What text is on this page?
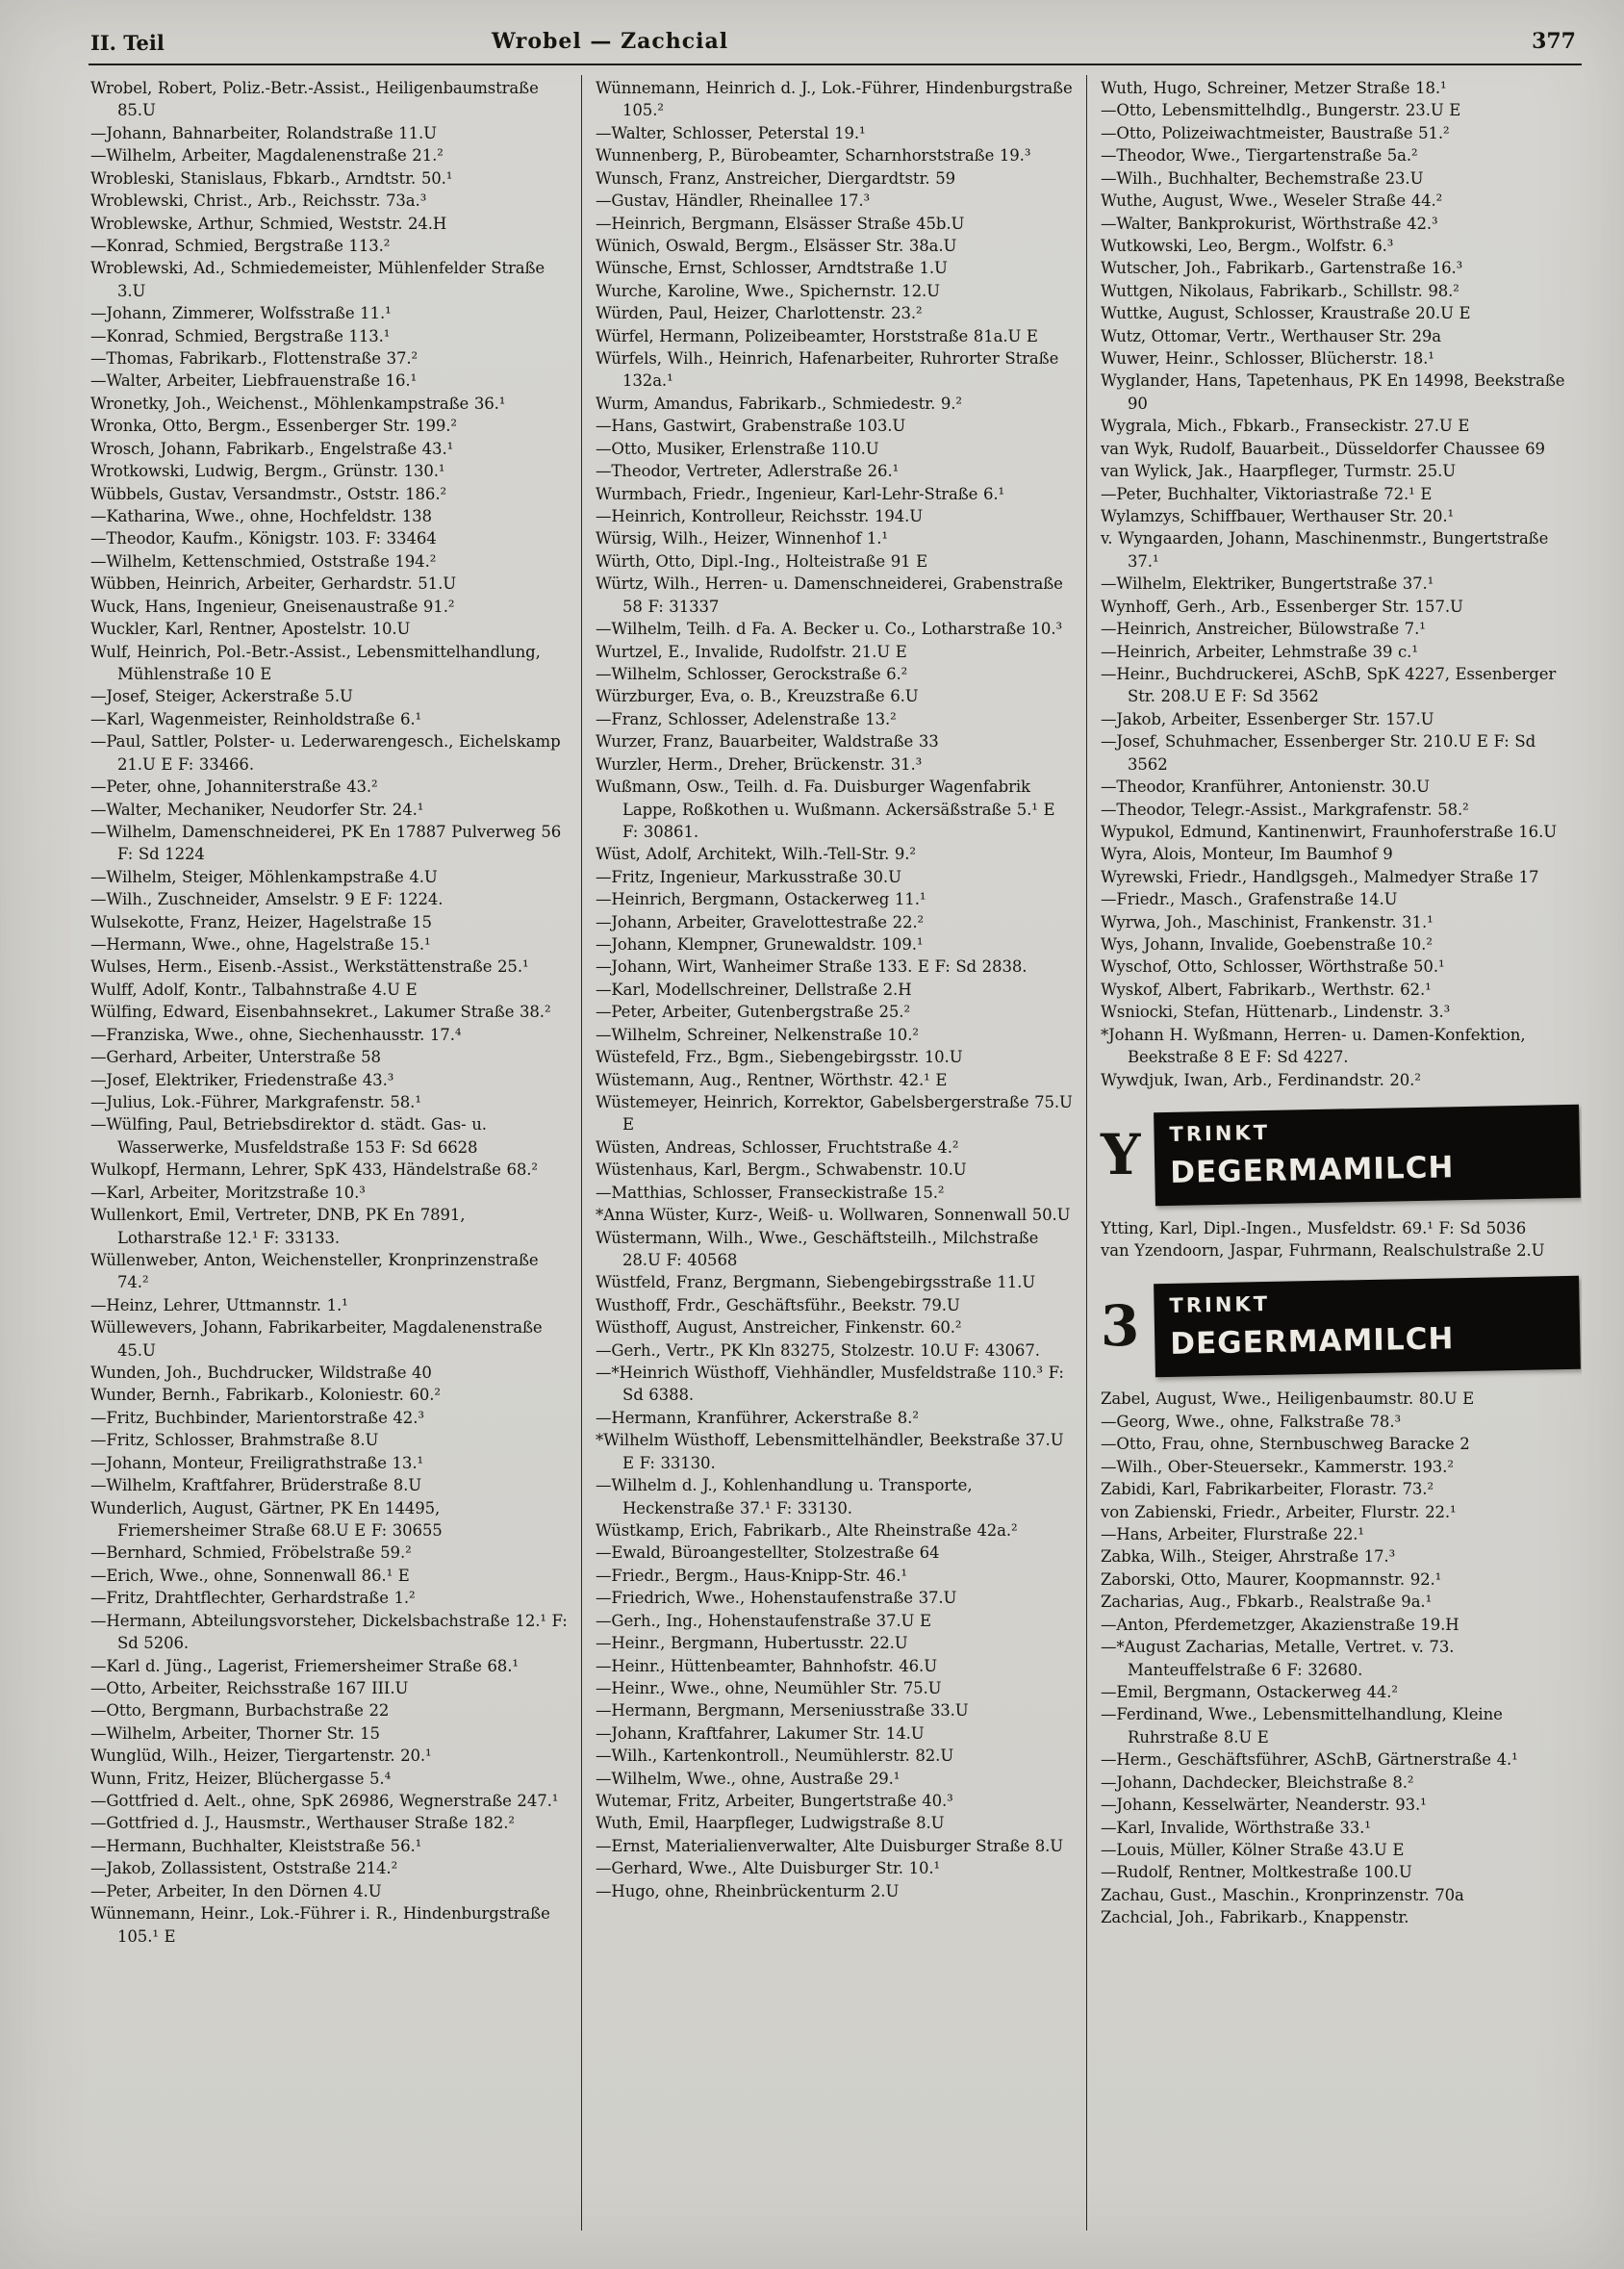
II. Teil	Wrobel — Zachcial	377

Wrobel, Robert, Poliz.-Betr.-Assist., Heiligenbaumstraße 85.U

—Johann, Bahnarbeiter, Rolandstraße 11.U

—Wilhelm, Arbeiter, Magdalenenstraße 21.²

Wrobleski, Stanislaus, Fbkarb., Arndtstr. 50.¹

Wroblewski, Christ., Arb., Reichsstr. 73a.³

Wroblewske, Arthur, Schmied, Weststr. 24.H

—Konrad, Schmied, Bergstraße 113.²

Wroblewski, Ad., Schmiedemeister, Mühlenfelder Straße 3.U

—Johann, Zimmerer, Wolfsstraße 11.¹

—Konrad, Schmied, Bergstraße 113.¹

—Thomas, Fabrikarb., Flottenstraße 37.²

—Walter, Arbeiter, Liebfrauenstraße 16.¹

Wronetky, Joh., Weichenst., Möhlenkampstraße 36.¹

Wronka, Otto, Bergm., Essenberger Str. 199.²

Wrosch, Johann, Fabrikarb., Engelstraße 43.¹

Wrotkowski, Ludwig, Bergm., Grünstr. 130.¹

Wübbels, Gustav, Versandmstr., Oststr. 186.²

—Katharina, Wwe., ohne, Hochfeldstr. 138

—Theodor, Kaufm., Königstr. 103. F: 33464

—Wilhelm, Kettenschmied, Oststraße 194.²

Wübben, Heinrich, Arbeiter, Gerhardstr. 51.U

Wuck, Hans, Ingenieur, Gneisenaustraße 91.²

Wuckler, Karl, Rentner, Apostelstr. 10.U

Wulf, Heinrich, Pol.-Betr.-Assist., Lebensmittelhandlung, Mühlenstraße 10 E

—Josef, Steiger, Ackerstraße 5.U

—Karl, Wagenmeister, Reinholdstraße 6.¹

—Paul, Sattler, Polster- u. Lederwarengesch., Eichelskamp 21.U E F: 33466.

—Peter, ohne, Johanniterstraße 43.²

—Walter, Mechaniker, Neudorfer Str. 24.¹

—Wilhelm, Damenschneiderei, PK En 17887 Pulverweg 56 F: Sd 1224

—Wilhelm, Steiger, Möhlenkampstraße 4.U

—Wilh., Zuschneider, Amselstr. 9 E F: 1224.

Wulsekotte, Franz, Heizer, Hagelstraße 15

—Hermann, Wwe., ohne, Hagelstraße 15.¹

Wulses, Herm., Eisenb.-Assist., Werkstättenstraße 25.¹

Wulff, Adolf, Kontr., Talbahnstraße 4.U E

Wülfing, Edward, Eisenbahnsekret., Lakumer Straße 38.²

—Franziska, Wwe., ohne, Siechenhausstr. 17.⁴

—Gerhard, Arbeiter, Unterstraße 58

—Josef, Elektriker, Friedenstraße 43.³

—Julius, Lok.-Führer, Markgrafenstr. 58.¹

—Wülfing, Paul, Betriebsdirektor d. städt. Gas- u. Wasserwerke, Musfeldstraße 153 F: Sd 6628

Wulkopf, Hermann, Lehrer, SpK 433, Händelstraße 68.²

—Karl, Arbeiter, Moritzstraße 10.³

Wullenkort, Emil, Vertreter, DNB, PK En 7891, Lotharstraße 12.¹ F: 33133.

Wüllenweber, Anton, Weichensteller, Kronprinzenstraße 74.²

—Heinz, Lehrer, Uttmannstr. 1.¹

Wüllewevers, Johann, Fabrikarbeiter, Magdalenenstraße 45.U

Wunden, Joh., Buchdrucker, Wildstraße 40

Wunder, Bernh., Fabrikarb., Koloniestr. 60.²

—Fritz, Buchbinder, Marientorstraße 42.³

—Fritz, Schlosser, Brahmstraße 8.U

—Johann, Monteur, Freiligrathstraße 13.¹

—Wilhelm, Kraftfahrer, Brüderstraße 8.U

Wunderlich, August, Gärtner, PK En 14495, Friemersheimer Straße 68.U E F: 30655

—Bernhard, Schmied, Fröbelstraße 59.²

—Erich, Wwe., ohne, Sonnenwall 86.¹ E

—Fritz, Drahtflechter, Gerhardstraße 1.²

—Hermann, Abteilungsvorsteher, Dickelsbachstraße 12.¹ F: Sd 5206.

—Karl d. Jüng., Lagerist, Friemersheimer Straße 68.¹

—Otto, Arbeiter, Reichsstraße 167 III.U

—Otto, Bergmann, Burbachstraße 22

—Wilhelm, Arbeiter, Thorner Str. 15

Wunglüd, Wilh., Heizer, Tiergartenstr. 20.¹

Wunn, Fritz, Heizer, Blüchergasse 5.⁴

—Gottfried d. Aelt., ohne, SpK 26986, Wegnerstraße 247.¹

—Gottfried d. J., Hausmstr., Werthauser Straße 182.²

—Hermann, Buchhalter, Kleiststraße 56.¹

—Jakob, Zollassistent, Oststraße 214.²

—Peter, Arbeiter, In den Dörnen 4.U

Wünnemann, Heinr., Lok.-Führer i. R., Hindenburgstraße 105.¹ E

Wünnemann, Heinrich d. J., Lok.-Führer, Hindenburgstraße 105.²

—Walter, Schlosser, Peterstal 19.¹

Wunnenberg, P., Bürobeamter, Scharnhorststraße 19.³

Wunsch, Franz, Anstreicher, Diergardtstr. 59

—Gustav, Händler, Rheinallee 17.³

—Heinrich, Bergmann, Elsässer Straße 45b.U

Wünich, Oswald, Bergm., Elsässer Str. 38a.U

Wünsche, Ernst, Schlosser, Arndtstraße 1.U

Wurche, Karoline, Wwe., Spichernstr. 12.U

Würden, Paul, Heizer, Charlottenstr. 23.²

Würfel, Hermann, Polizeibeamter, Horststraße 81a.U E

Würfels, Wilh., Heinrich, Hafenarbeiter, Ruhrorter Straße 132a.¹

Wurm, Amandus, Fabrikarb., Schmiedestr. 9.²

—Hans, Gastwirt, Grabenstraße 103.U

—Otto, Musiker, Erlenstraße 110.U

—Theodor, Vertreter, Adlerstraße 26.¹

Wurmbach, Friedr., Ingenieur, Karl-Lehr-Straße 6.¹

—Heinrich, Kontrolleur, Reichsstr. 194.U

Würsig, Wilh., Heizer, Winnenhof 1.¹

Würth, Otto, Dipl.-Ing., Holteistraße 91 E

Würtz, Wilh., Herren- u. Damenschneiderei, Grabenstraße 58 F: 31337

—Wilhelm, Teilh. d Fa. A. Becker u. Co., Lotharstraße 10.³

Wurtzel, E., Invalide, Rudolfstr. 21.U E

—Wilhelm, Schlosser, Gerockstraße 6.²

Würzburger, Eva, o. B., Kreuzstraße 6.U

—Franz, Schlosser, Adelenstraße 13.²

Wurzer, Franz, Bauarbeiter, Waldstraße 33

Wurzler, Herm., Dreher, Brückenstr. 31.³

Wußmann, Osw., Teilh. d. Fa. Duisburger Wagenfabrik Lappe, Roßkothen u. Wußmann. Ackersäßstraße 5.¹ E F: 30861.

Wüst, Adolf, Architekt, Wilh.-Tell-Str. 9.²

—Fritz, Ingenieur, Markusstraße 30.U

—Heinrich, Bergmann, Ostackerweg 11.¹

—Johann, Arbeiter, Gravelottestraße 22.²

—Johann, Klempner, Grunewaldstr. 109.¹

—Johann, Wirt, Wanheimer Straße 133. E F: Sd 2838.

—Karl, Modellschreiner, Dellstraße 2.H

—Peter, Arbeiter, Gutenbergstraße 25.²

—Wilhelm, Schreiner, Nelkenstraße 10.²

Wüstefeld, Frz., Bgm., Siebengebirgsstr. 10.U

Wüstemann, Aug., Rentner, Wörthstr. 42.¹ E

Wüstemeyer, Heinrich, Korrektor, Gabelsbergerstraße 75.U E

Wüsten, Andreas, Schlosser, Fruchtstraße 4.²

Wüstenhaus, Karl, Bergm., Schwabenstr. 10.U

—Matthias, Schlosser, Franseckistraße 15.²

*Anna Wüster, Kurz-, Weiß- u. Wollwaren, Sonnenwall 50.U

Wüstermann, Wilh., Wwe., Geschäftsteilh., Milchstraße 28.U F: 40568

Wüstfeld, Franz, Bergmann, Siebengebirgsstraße 11.U

Wusthoff, Frdr., Geschäftsführ., Beekstr. 79.U

Wüsthoff, August, Anstreicher, Finkenstr. 60.²

—Gerh., Vertr., PK Kln 83275, Stolzestr. 10.U F: 43067.

—*Heinrich Wüsthoff, Viehhändler, Musfeldstraße 110.³ F: Sd 6388.

—Hermann, Kranführer, Ackerstraße 8.²

*Wilhelm Wüsthoff, Lebensmittelhändler, Beekstraße 37.U E F: 33130.

—Wilhelm d. J., Kohlenhandlung u. Transporte, Heckenstraße 37.¹ F: 33130.

Wüstkamp, Erich, Fabrikarb., Alte Rheinstraße 42a.²

—Ewald, Büroangestellter, Stolzestraße 64

—Friedr., Bergm., Haus-Knipp-Str. 46.¹

—Friedrich, Wwe., Hohenstaufenstraße 37.U

—Gerh., Ing., Hohenstaufenstraße 37.U E

—Heinr., Bergmann, Hubertusstr. 22.U

—Heinr., Hüttenbeamter, Bahnhofstr. 46.U

—Heinr., Wwe., ohne, Neumühler Str. 75.U

—Hermann, Bergmann, Merseniusstraße 33.U

—Johann, Kraftfahrer, Lakumer Str. 14.U

—Wilh., Kartenkontroll., Neumühlerstr. 82.U

—Wilhelm, Wwe., ohne, Austraße 29.¹

Wutemar, Fritz, Arbeiter, Bungertstraße 40.³

Wuth, Emil, Haarpfleger, Ludwigstraße 8.U

—Ernst, Materialienverwalter, Alte Duisburger Straße 8.U

—Gerhard, Wwe., Alte Duisburger Str. 10.¹

—Hugo, ohne, Rheinbrückenturm 2.U

Wuth, Hugo, Schreiner, Metzer Straße 18.¹

—Otto, Lebensmittelhdlg., Bungerstr. 23.U E

—Otto, Polizeiwachtmeister, Baustraße 51.²

—Theodor, Wwe., Tiergartenstraße 5a.²

—Wilh., Buchhalter, Bechemstraße 23.U

Wuthe, August, Wwe., Weseler Straße 44.²

—Walter, Bankprokurist, Wörthstraße 42.³

Wutkowski, Leo, Bergm., Wolfstr. 6.³

Wutscher, Joh., Fabrikarb., Gartenstraße 16.³

Wuttgen, Nikolaus, Fabrikarb., Schillstr. 98.²

Wuttke, August, Schlosser, Kraustraße 20.U E

Wutz, Ottomar, Vertr., Werthauser Str. 29a

Wuwer, Heinr., Schlosser, Blücherstr. 18.¹

Wyglander, Hans, Tapetenhaus, PK En 14998, Beekstraße 90

Wygrala, Mich., Fbkarb., Franseckistr. 27.U E

van Wyk, Rudolf, Bauarbeit., Düsseldorfer Chaussee 69

van Wylick, Jak., Haarpfleger, Turmstr. 25.U

—Peter, Buchhalter, Viktoriastraße 72.¹ E

Wylamzys, Schiffbauer, Werthauser Str. 20.¹

v. Wyngaarden, Johann, Maschinenmstr., Bungertstraße 37.¹

—Wilhelm, Elektriker, Bungertstraße 37.¹

Wynhoff, Gerh., Arb., Essenberger Str. 157.U

—Heinrich, Anstreicher, Bülowstraße 7.¹

—Heinrich, Arbeiter, Lehmstraße 39 c.¹

—Heinr., Buchdruckerei, ASchB, SpK 4227, Essenberger Str. 208.U E F: Sd 3562

—Jakob, Arbeiter, Essenberger Str. 157.U

—Josef, Schuhmacher, Essenberger Str. 210.U E F: Sd 3562

—Theodor, Kranführer, Antonienstr. 30.U

—Theodor, Telegr.-Assist., Markgrafenstr. 58.²

Wypukol, Edmund, Kantinenwirt, Fraunhoferstraße 16.U

Wyra, Alois, Monteur, Im Baumhof 9

Wyrewski, Friedr., Handlgsgeh., Malmedyer Straße 17

—Friedr., Masch., Grafenstraße 14.U

Wyrwa, Joh., Maschinist, Frankenstr. 31.¹

Wys, Johann, Invalide, Goebenstraße 10.²

Wyschof, Otto, Schlosser, Wörthstraße 50.¹

Wyskof, Albert, Fabrikarb., Werthstr. 62.¹

Wsniocki, Stefan, Hüttenarb., Lindenstr. 3.³

*Johann H. Wyßmann, Herren- u. Damen-Konfektion, Beekstraße 8 E F: Sd 4227.

Wywdjuk, Iwan, Arb., Ferdinandstr. 20.²

Y TRINKT
DEGERMAMILCH

Ytting, Karl, Dipl.-Ingen., Musfeldstr. 69.¹ F: Sd 5036

van Yzendoorn, Jaspar, Fuhrmann, Realschulstraße 2.U

3 TRINKT
DEGERMAMILCH

Zabel, August, Wwe., Heiligenbaumstr. 80.U E

—Georg, Wwe., ohne, Falkstraße 78.³

—Otto, Frau, ohne, Sternbuschweg Baracke 2

—Wilh., Ober-Steuersekr., Kammerstr. 193.²

Zabidi, Karl, Fabrikarbeiter, Florastr. 73.²

von Zabienski, Friedr., Arbeiter, Flurstr. 22.¹

—Hans, Arbeiter, Flurstraße 22.¹

Zabka, Wilh., Steiger, Ahrstraße 17.³

Zaborski, Otto, Maurer, Koopmannstr. 92.¹

Zacharias, Aug., Fbkarb., Realstraße 9a.¹

—Anton, Pferdemetzger, Akazienstraße 19.H

—*August Zacharias, Metalle, Vertret. v. 73. Manteuffelstraße 6 F: 32680.

—Emil, Bergmann, Ostackerweg 44.²

—Ferdinand, Wwe., Lebensmittelhandlung, Kleine Ruhrstraße 8.U E

—Herm., Geschäftsführer, ASchB, Gärtnerstraße 4.¹

—Johann, Dachdecker, Bleichstraße 8.²

—Johann, Kesselwärter, Neanderstr. 93.¹

—Karl, Invalide, Wörthstraße 33.¹

—Louis, Müller, Kölner Straße 43.U E

—Rudolf, Rentner, Moltkestraße 100.U

Zachau, Gust., Maschin., Kronprinzenstr. 70a

Zachcial, Joh., Fabrikarb., Knappenstr.
